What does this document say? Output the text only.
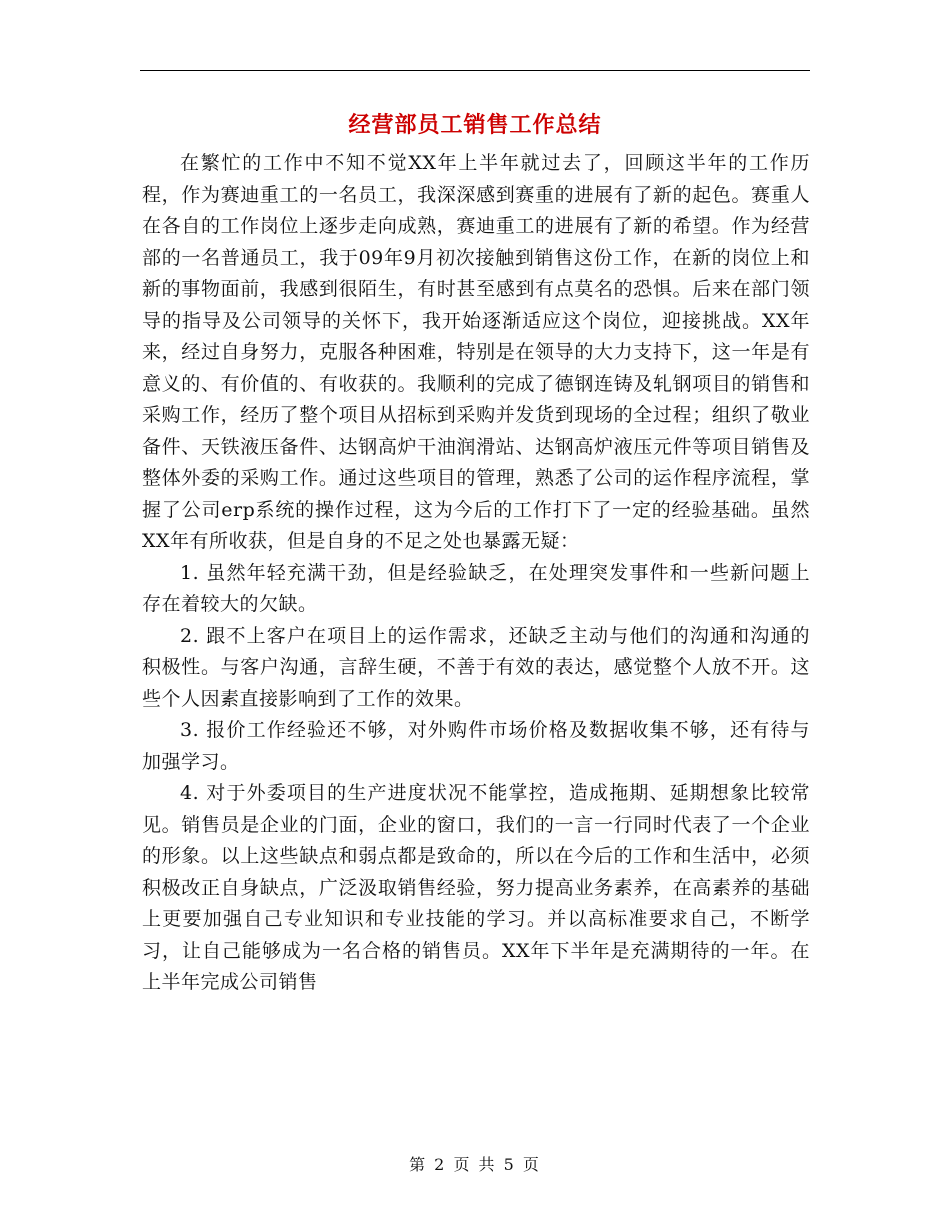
经营部员工销售工作总结

在繁忙的工作中不知不觉XX年上半年就过去了，回顾这半年的工作历程，作为赛迪重工的一名员工，我深深感到赛重的进展有了新的起色。赛重人在各自的工作岗位上逐步走向成熟，赛迪重工的进展有了新的希望。作为经营部的一名普通员工，我于09年9月初次接触到销售这份工作，在新的岗位上和新的事物面前，我感到很陌生，有时甚至感到有点莫名的恐惧。后来在部门领导的指导及公司领导的关怀下，我开始逐渐适应这个岗位，迎接挑战。XX年来，经过自身努力，克服各种困难，特别是在领导的大力支持下，这一年是有意义的、有价值的、有收获的。我顺利的完成了德钢连铸及轧钢项目的销售和采购工作，经历了整个项目从招标到采购并发货到现场的全过程；组织了敬业备件、天铁液压备件、达钢高炉干油润滑站、达钢高炉液压元件等项目销售及整体外委的采购工作。通过这些项目的管理，熟悉了公司的运作程序流程，掌握了公司erp系统的操作过程，这为今后的工作打下了一定的经验基础。虽然XX年有所收获，但是自身的不足之处也暴露无疑：

1. 虽然年轻充满干劲，但是经验缺乏，在处理突发事件和一些新问题上存在着较大的欠缺。

2. 跟不上客户在项目上的运作需求，还缺乏主动与他们的沟通和沟通的积极性。与客户沟通，言辞生硬，不善于有效的表达，感觉整个人放不开。这些个人因素直接影响到了工作的效果。

3. 报价工作经验还不够，对外购件市场价格及数据收集不够，还有待与加强学习。

4. 对于外委项目的生产进度状况不能掌控，造成拖期、延期想象比较常见。销售员是企业的门面，企业的窗口，我们的一言一行同时代表了一个企业的形象。以上这些缺点和弱点都是致命的，所以在今后的工作和生活中，必须积极改正自身缺点，广泛汲取销售经验，努力提高业务素养，在高素养的基础上更要加强自己专业知识和专业技能的学习。并以高标准要求自己，不断学习，让自己能够成为一名合格的销售员。XX年下半年是充满期待的一年。在上半年完成公司销售

第 2 页 共 5 页
